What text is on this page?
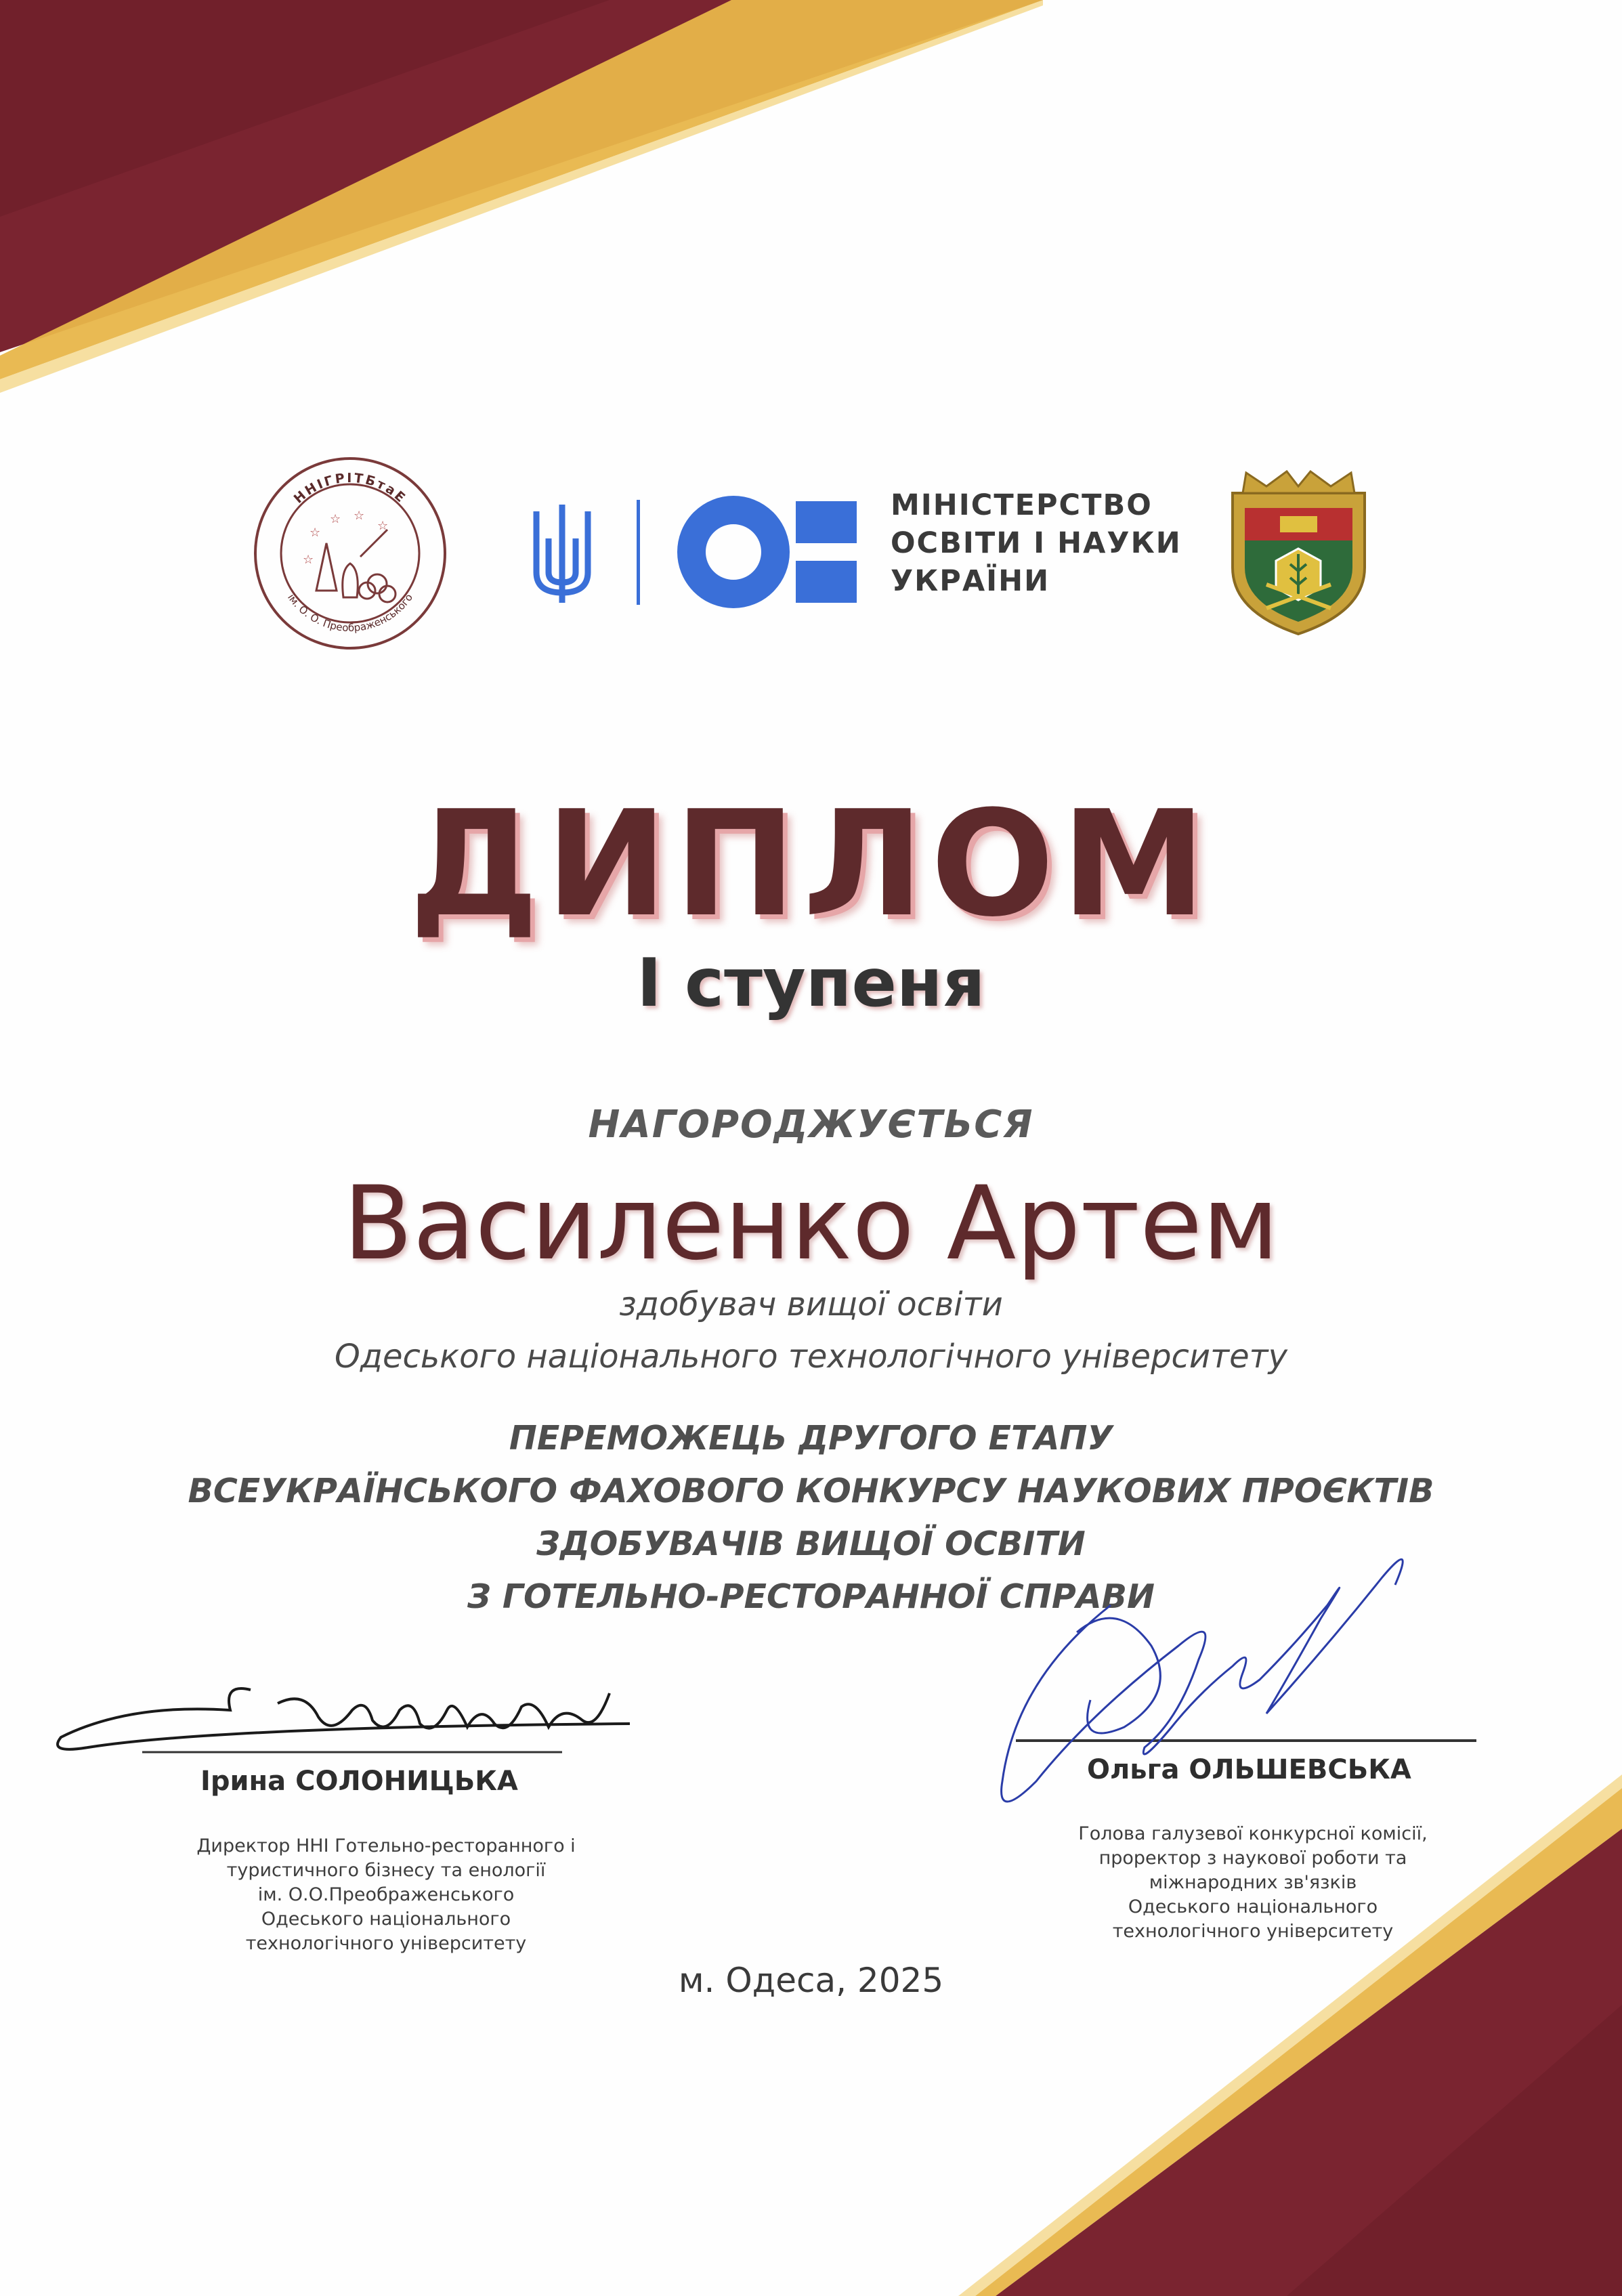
☆
☆ ☆
☆
☆
ННІГРІТБтаЕ
ім. О. О. Преображенського
МІНІСТЕРСТВО
ОСВІТИ І НАУКИ
УКРАЇНИ
ДИПЛОМ
І ступеня
НАГОРОДЖУЄТЬСЯ
Василенко Артем
здобувач вищої освіти
Одеського національного технологічного університету
ПЕРЕМОЖЕЦЬ ДРУГОГО ЕТАПУ
ВСЕУКРАЇНСЬКОГО ФАХОВОГО КОНКУРСУ НАУКОВИХ ПРОЄКТІВ
ЗДОБУВАЧІВ ВИЩОЇ ОСВІТИ
З ГОТЕЛЬНО-РЕСТОРАННОЇ СПРАВИ
Ірина СОЛОНИЦЬКА
Директор ННІ Готельно-ресторанного і
туристичного бізнесу та енології
ім. О.О.Преображенського
Одеського національного
технологічного університету
Ольга ОЛЬШЕВСЬКА
Голова галузевої конкурсної комісії,
проректор з наукової роботи та
міжнародних зв'язків
Одеського національного
технологічного університету
м. Одеса, 2025
